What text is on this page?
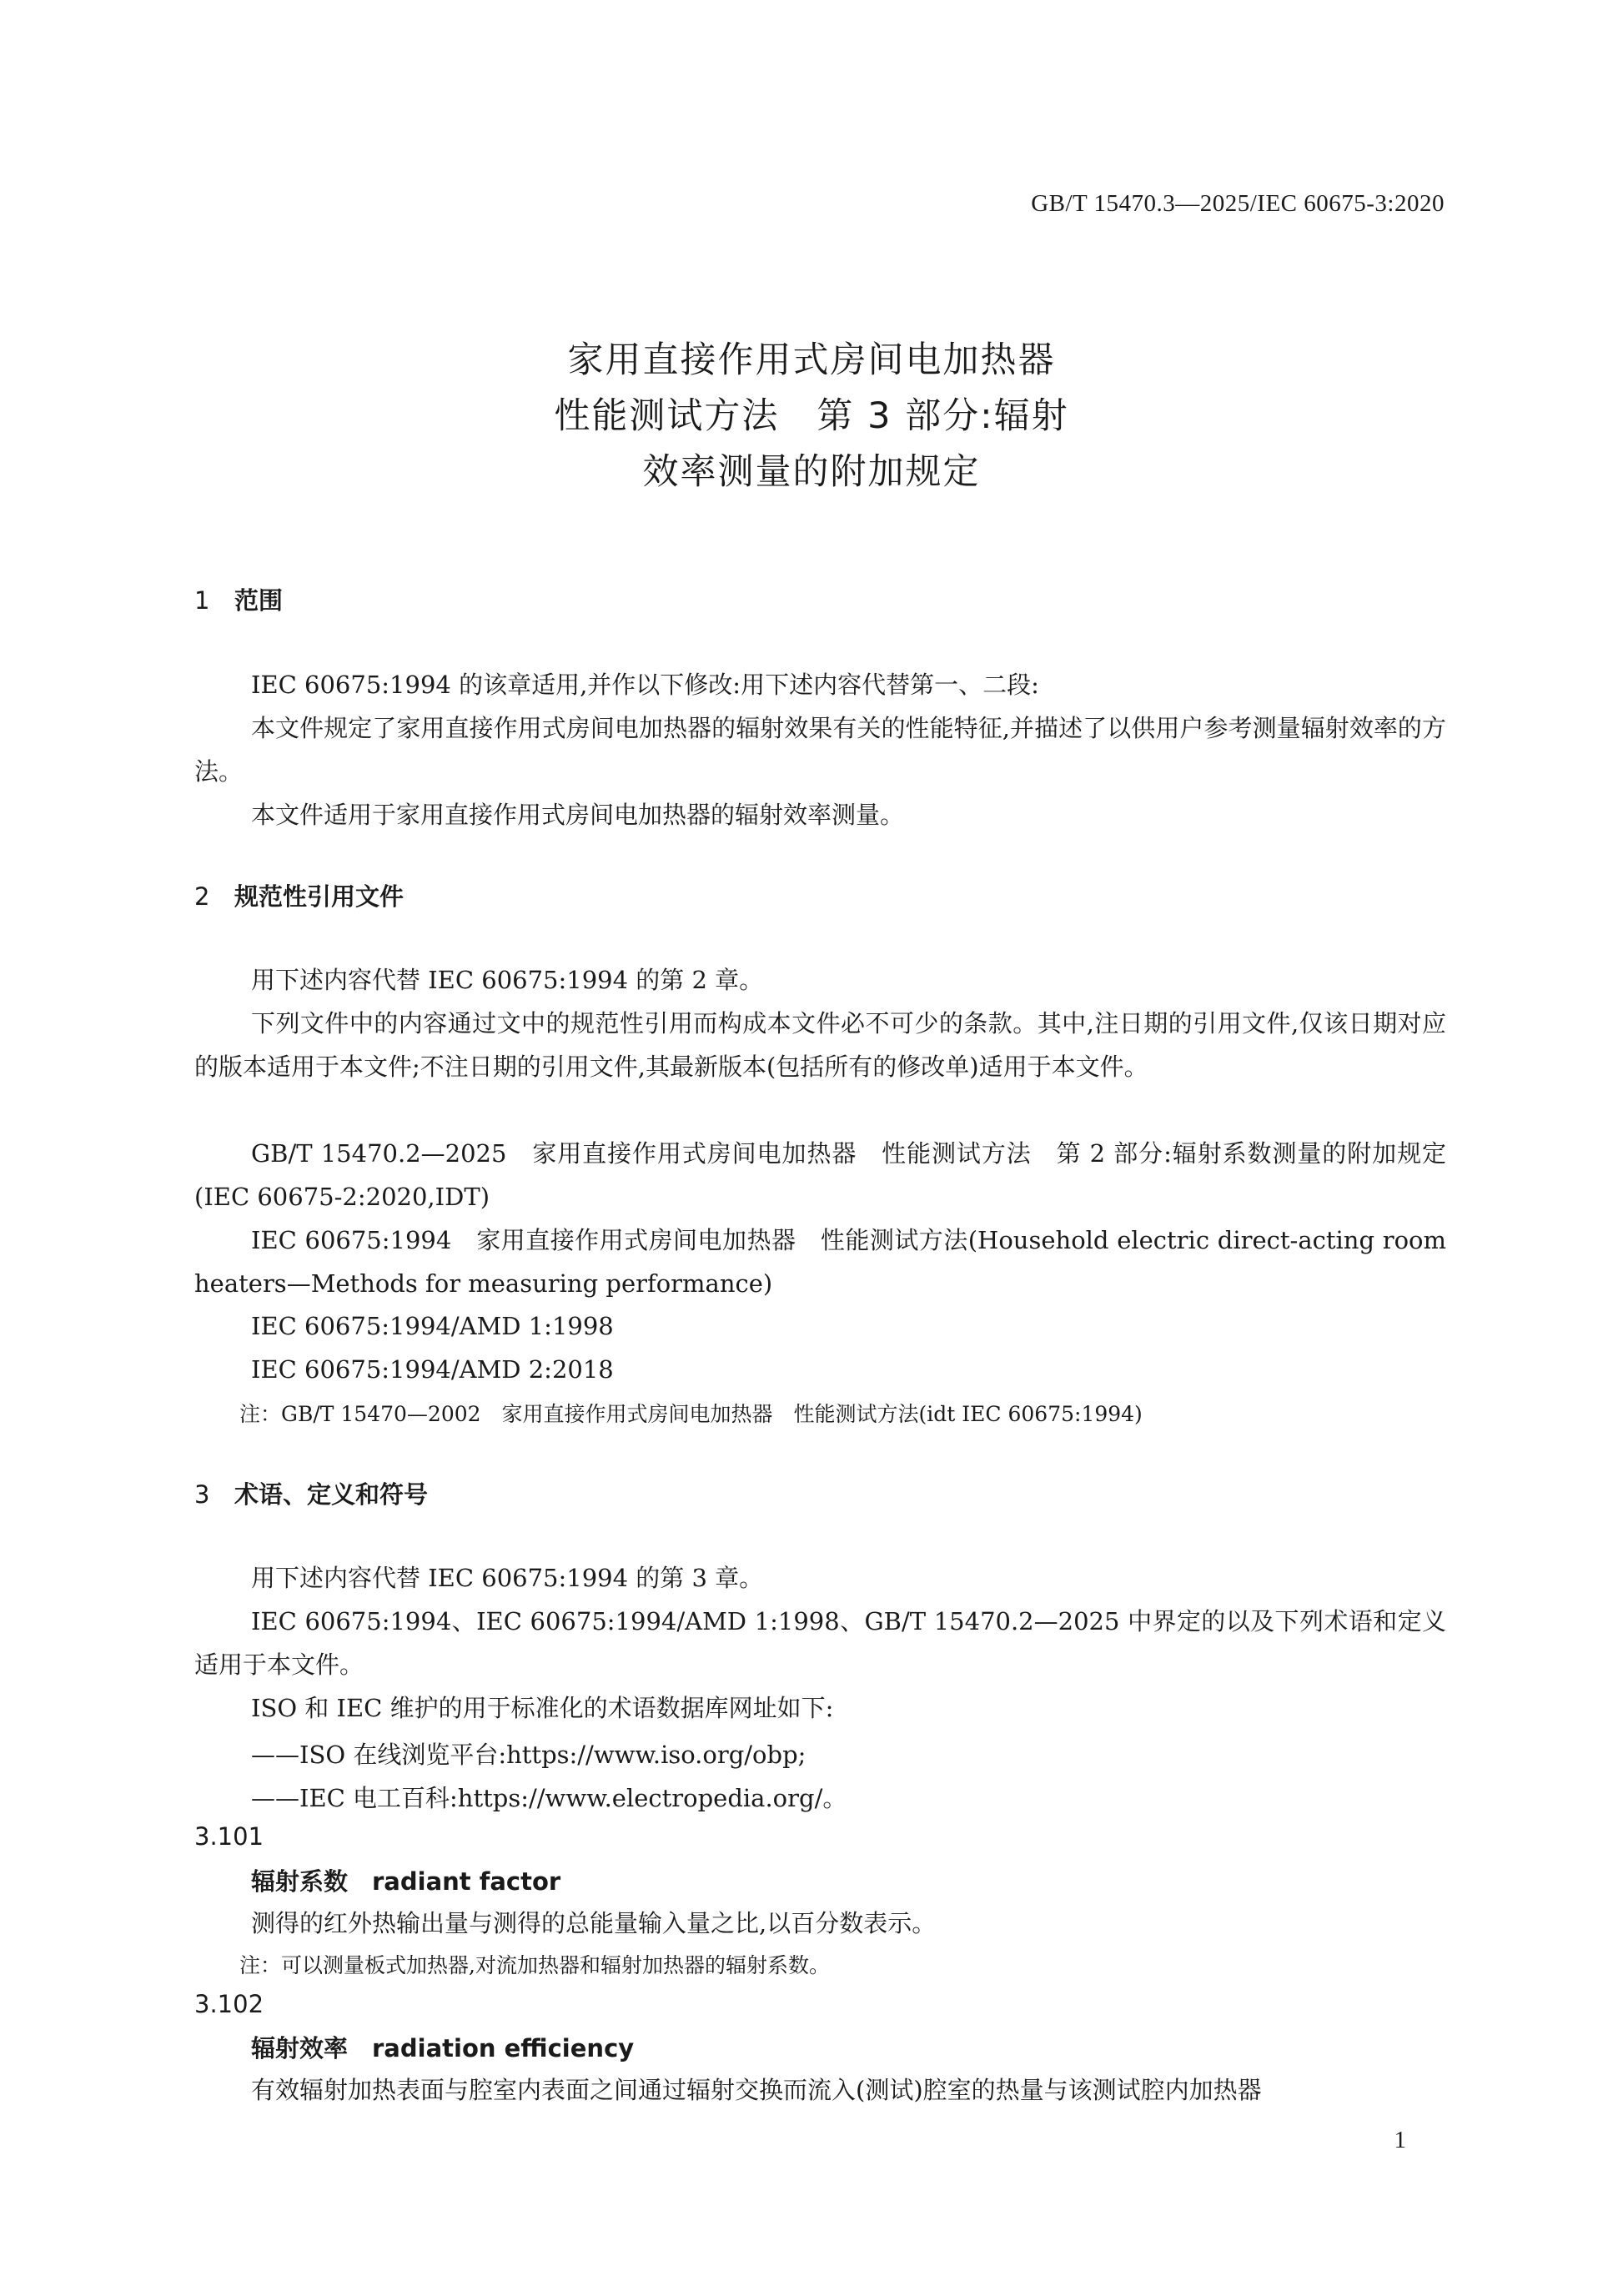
GB/T 15470.3—2025/IEC 60675-3:2020
家用直接作用式房间电加热器
性能测试方法　第 3 部分:辐射
效率测量的附加规定
1 范围
IEC 60675:1994 的该章适用,并作以下修改:用下述内容代替第一、二段:
本文件规定了家用直接作用式房间电加热器的辐射效果有关的性能特征,并描述了以供用户参考测量辐射效率的方法。
本文件适用于家用直接作用式房间电加热器的辐射效率测量。
2 规范性引用文件
用下述内容代替 IEC 60675:1994 的第 2 章。
下列文件中的内容通过文中的规范性引用而构成本文件必不可少的条款。其中,注日期的引用文件,仅该日期对应的版本适用于本文件;不注日期的引用文件,其最新版本(包括所有的修改单)适用于本文件。
GB/T 15470.2—2025　家用直接作用式房间电加热器　性能测试方法　第 2 部分:辐射系数测量的附加规定(IEC 60675-2:2020,IDT)
IEC 60675:1994　家用直接作用式房间电加热器　性能测试方法(Household electric direct-acting room heaters—Methods for measuring performance)
IEC 60675:1994/AMD 1:1998
IEC 60675:1994/AMD 2:2018
注：GB/T 15470—2002　家用直接作用式房间电加热器　性能测试方法(idt IEC 60675:1994)
3 术语、定义和符号
用下述内容代替 IEC 60675:1994 的第 3 章。
IEC 60675:1994、IEC 60675:1994/AMD 1:1998、GB/T 15470.2—2025 中界定的以及下列术语和定义适用于本文件。
ISO 和 IEC 维护的用于标准化的术语数据库网址如下:
——ISO 在线浏览平台:https://www.iso.org/obp;
——IEC 电工百科:https://www.electropedia.org/。
3.101
辐射系数　radiant factor
测得的红外热输出量与测得的总能量输入量之比,以百分数表示。
注：可以测量板式加热器,对流加热器和辐射加热器的辐射系数。
3.102
辐射效率　radiation efficiency
有效辐射加热表面与腔室内表面之间通过辐射交换而流入(测试)腔室的热量与该测试腔内加热器
1
